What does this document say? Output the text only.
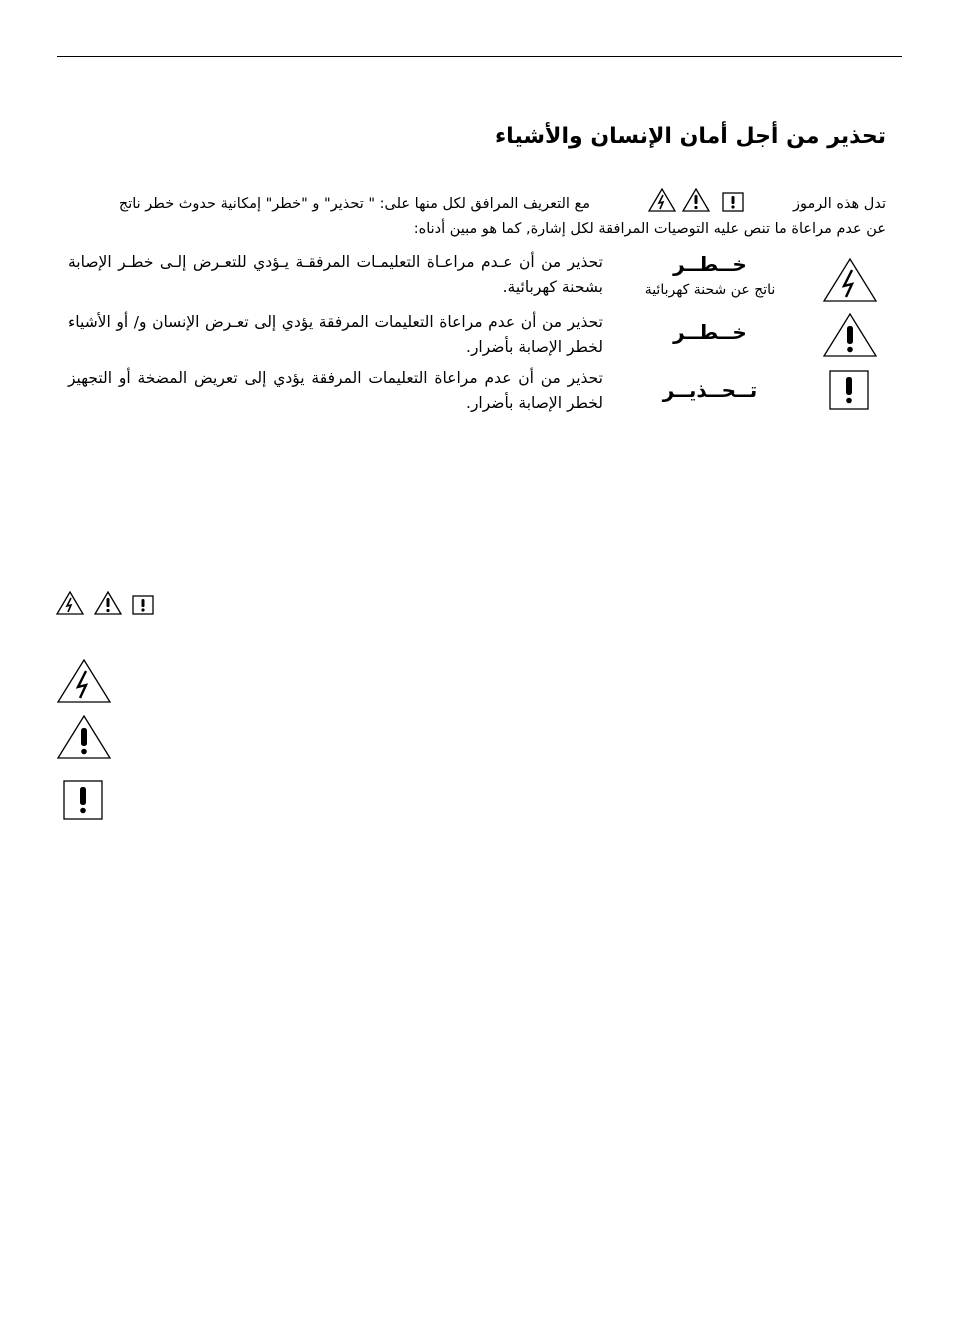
تحذير من أجل أمان الإنسان والأشياء
تدل هذه الرموز
مع التعريف المرافق لكل منها على: " تحذير" و "خطر" إمكانية حدوث خطر ناتج
عن عدم مراعاة ما تنص عليه التوصيات المرافقة لكل إشارة, كما هو مبين أدناه:
خــطــر
ناتج عن شحنة كهربائية
تحذير من أن عـدم مراعـاة التعليمـات المرفقـة يـؤدي للتعـرض إلـى خطـر الإصابة بشحنة كهربائية.
خــطــر
تحذير من أن عدم مراعاة التعليمات المرفقة يؤدي إلى تعـرض الإنسان و/ أو الأشياء لخطر الإصابة بأضرار.
تــحــذيــر
تحذير من أن عدم مراعاة التعليمات المرفقة يؤدي إلى تعريض المضخة أو التجهيز لخطر الإصابة بأضرار.
